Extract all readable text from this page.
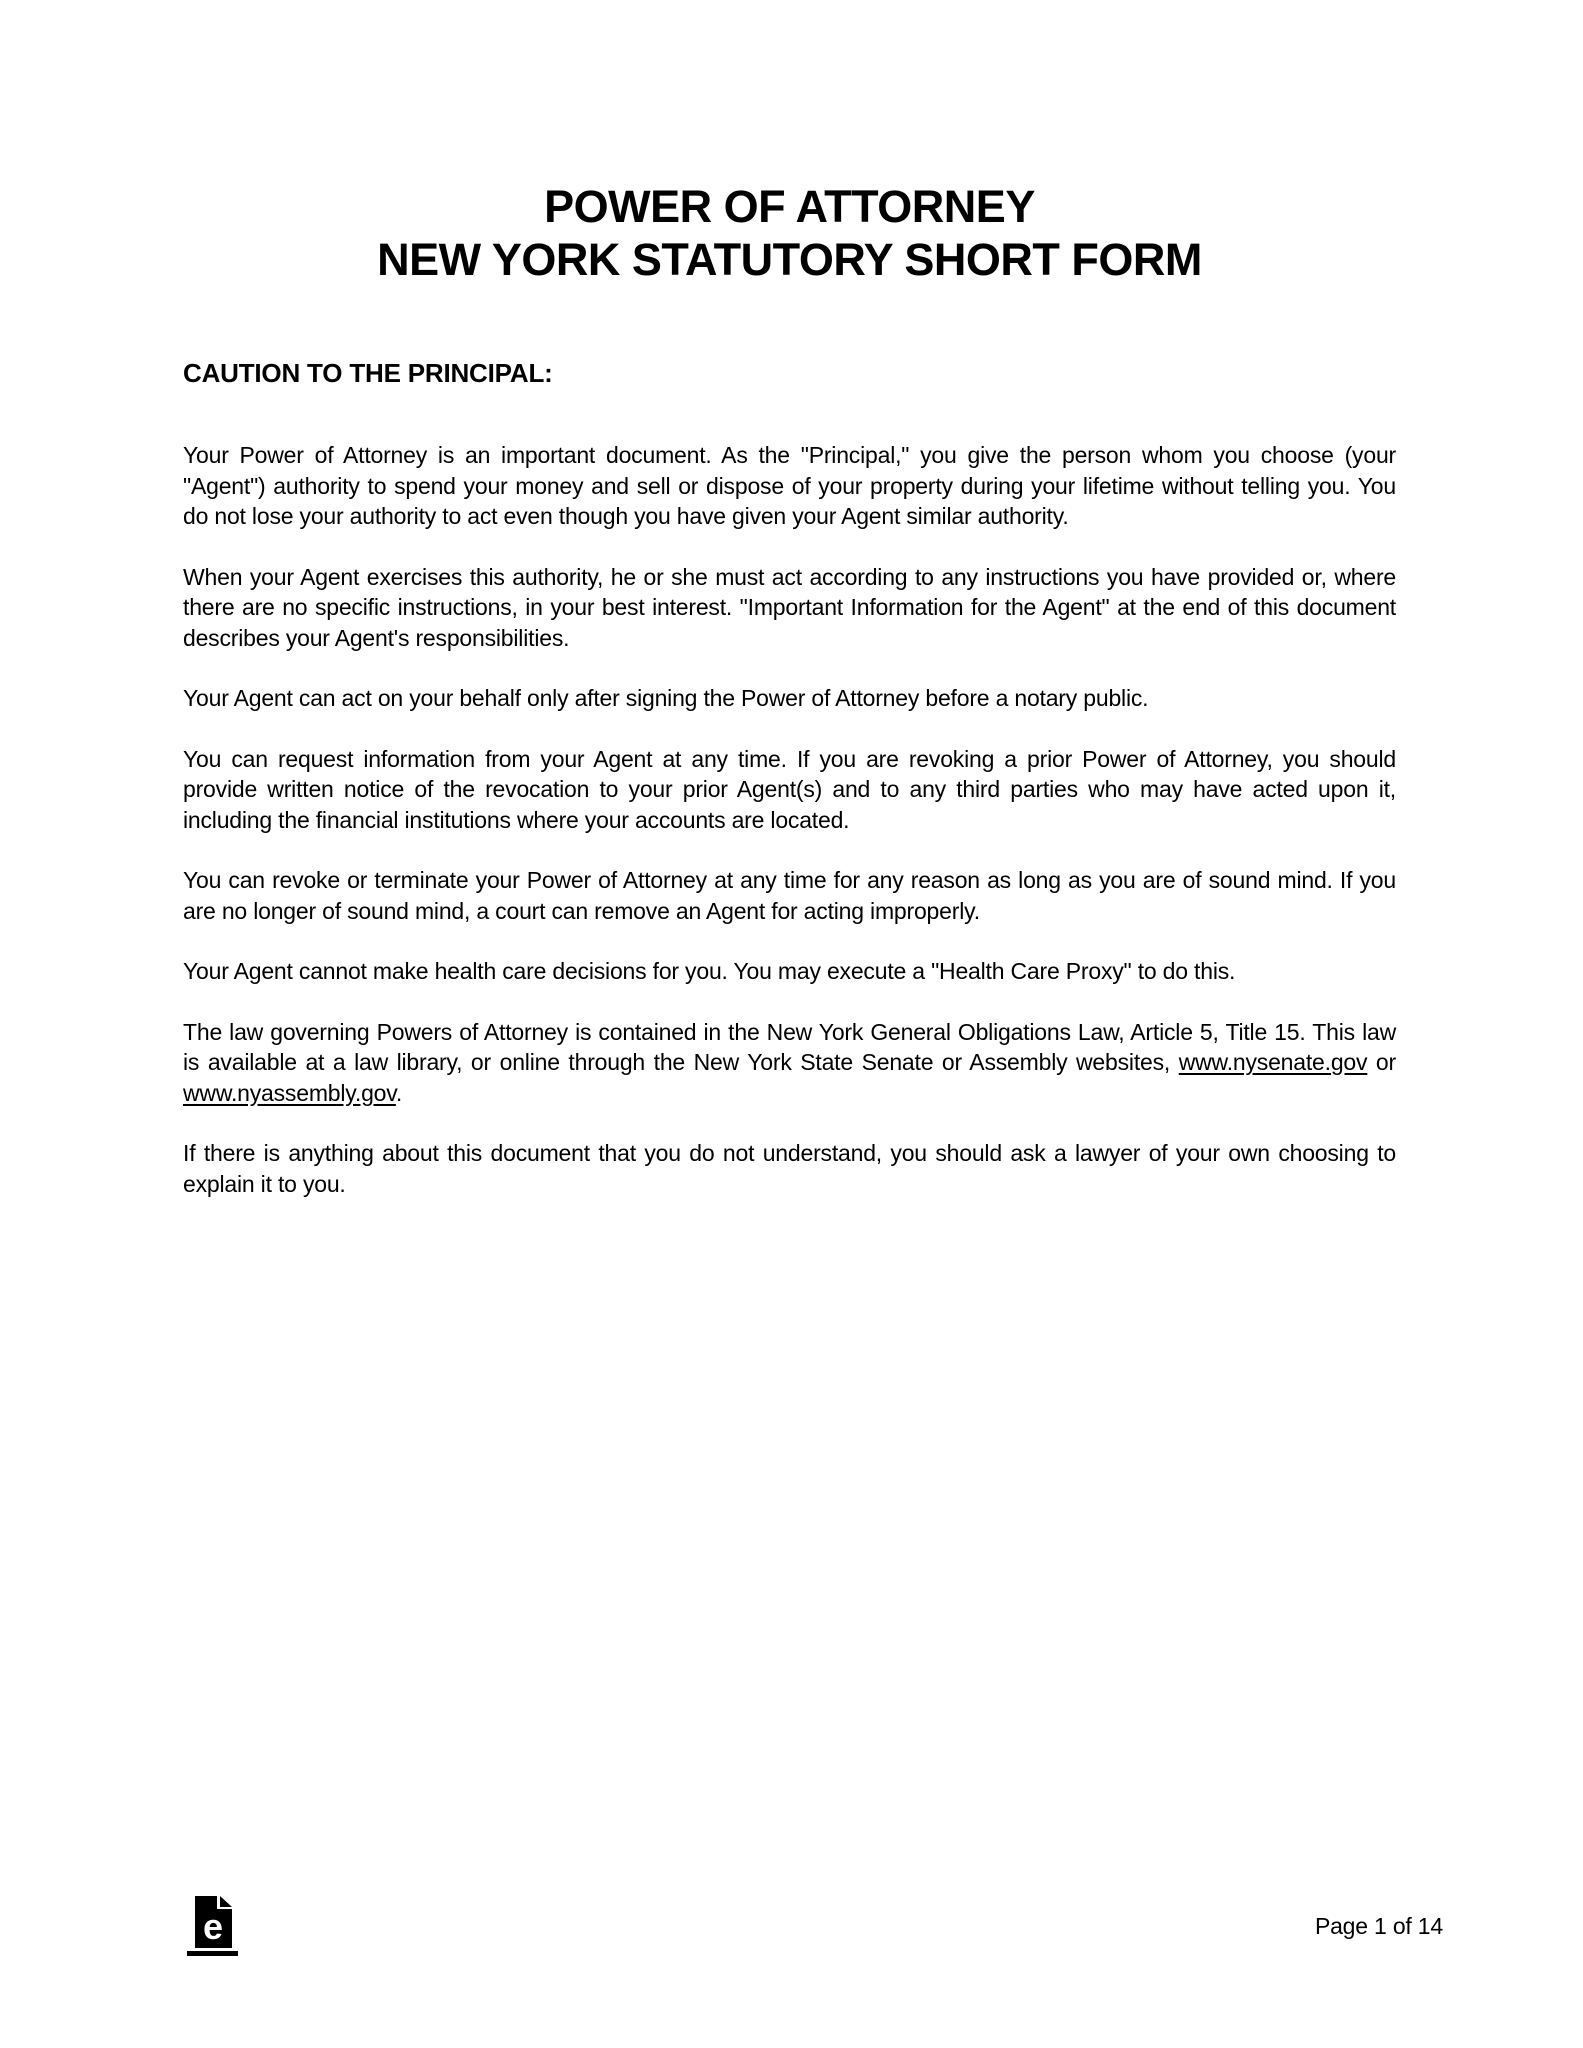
POWER OF ATTORNEY
NEW YORK STATUTORY SHORT FORM
CAUTION TO THE PRINCIPAL:

Your Power of Attorney is an important document. As the "Principal," you give the person whom you choose (your "Agent") authority to spend your money and sell or dispose of your property during your lifetime without telling you. You do not lose your authority to act even though you have given your Agent similar authority.

When your Agent exercises this authority, he or she must act according to any instructions you have provided or, where there are no specific instructions, in your best interest. "Important Information for the Agent" at the end of this document describes your Agent's responsibilities.

Your Agent can act on your behalf only after signing the Power of Attorney before a notary public.

You can request information from your Agent at any time. If you are revoking a prior Power of Attorney, you should provide written notice of the revocation to your prior Agent(s) and to any third parties who may have acted upon it, including the financial institutions where your accounts are located.

You can revoke or terminate your Power of Attorney at any time for any reason as long as you are of sound mind. If you are no longer of sound mind, a court can remove an Agent for acting improperly.

Your Agent cannot make health care decisions for you. You may execute a "Health Care Proxy" to do this.

The law governing Powers of Attorney is contained in the New York General Obligations Law, Article 5, Title 15. This law is available at a law library, or online through the New York State Senate or Assembly websites, www.nysenate.gov or www.nyassembly.gov.

If there is anything about this document that you do not understand, you should ask a lawyer of your own choosing to explain it to you.

e	Page 1 of 14
